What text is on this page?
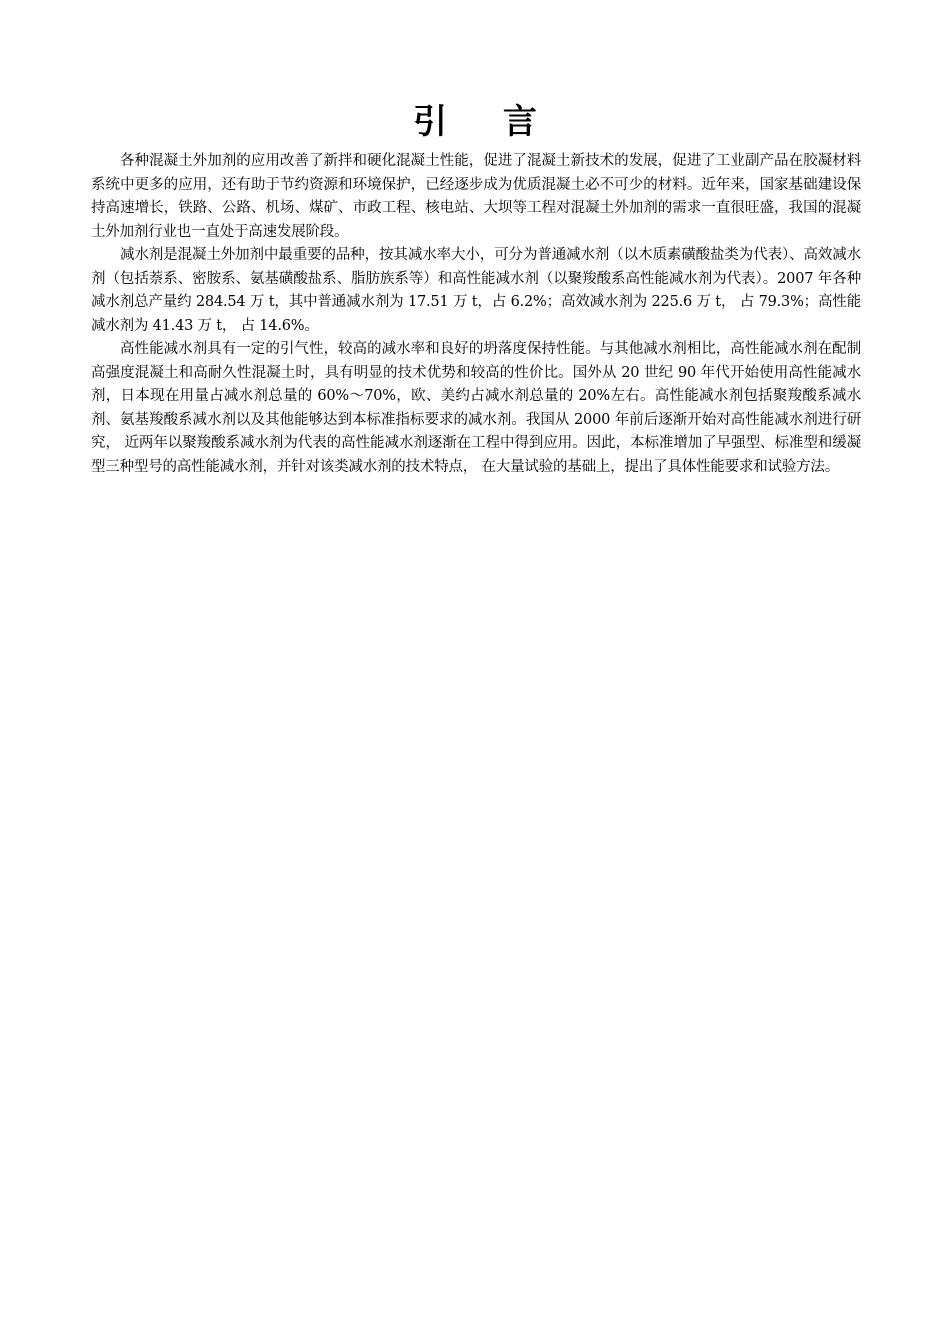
引 言

各种混凝土外加剂的应用改善了新拌和硬化混凝土性能，促进了混凝土新技术的发展，促进了工业副产品在胶凝材料系统中更多的应用，还有助于节约资源和环境保护，已经逐步成为优质混凝土必不可少的材料。近年来，国家基础建设保持高速增长，铁路、公路、机场、煤矿、市政工程、核电站、大坝等工程对混凝土外加剂的需求一直很旺盛，我国的混凝土外加剂行业也一直处于高速发展阶段。

减水剂是混凝土外加剂中最重要的品种，按其减水率大小，可分为普通减水剂（以木质素磺酸盐类为代表）、高效减水剂（包括萘系、密胺系、氨基磺酸盐系、脂肪族系等）和高性能减水剂（以聚羧酸系高性能减水剂为代表）。2007 年各种减水剂总产量约 284.54 万 t，其中普通减水剂为 17.51 万 t，占 6.2%；高效减水剂为 225.6 万 t， 占 79.3%；高性能减水剂为 41.43 万 t， 占 14.6%。

高性能减水剂具有一定的引气性，较高的减水率和良好的坍落度保持性能。与其他减水剂相比，高性能减水剂在配制高强度混凝土和高耐久性混凝土时，具有明显的技术优势和较高的性价比。国外从 20 世纪 90 年代开始使用高性能减水剂，日本现在用量占减水剂总量的 60%～70%，欧、美约占减水剂总量的 20%左右。高性能减水剂包括聚羧酸系减水剂、氨基羧酸系减水剂以及其他能够达到本标准指标要求的减水剂。我国从 2000 年前后逐渐开始对高性能减水剂进行研究， 近两年以聚羧酸系减水剂为代表的高性能减水剂逐渐在工程中得到应用。因此，本标准增加了早强型、标准型和缓凝型三种型号的高性能减水剂，并针对该类减水剂的技术特点， 在大量试验的基础上，提出了具体性能要求和试验方法。
